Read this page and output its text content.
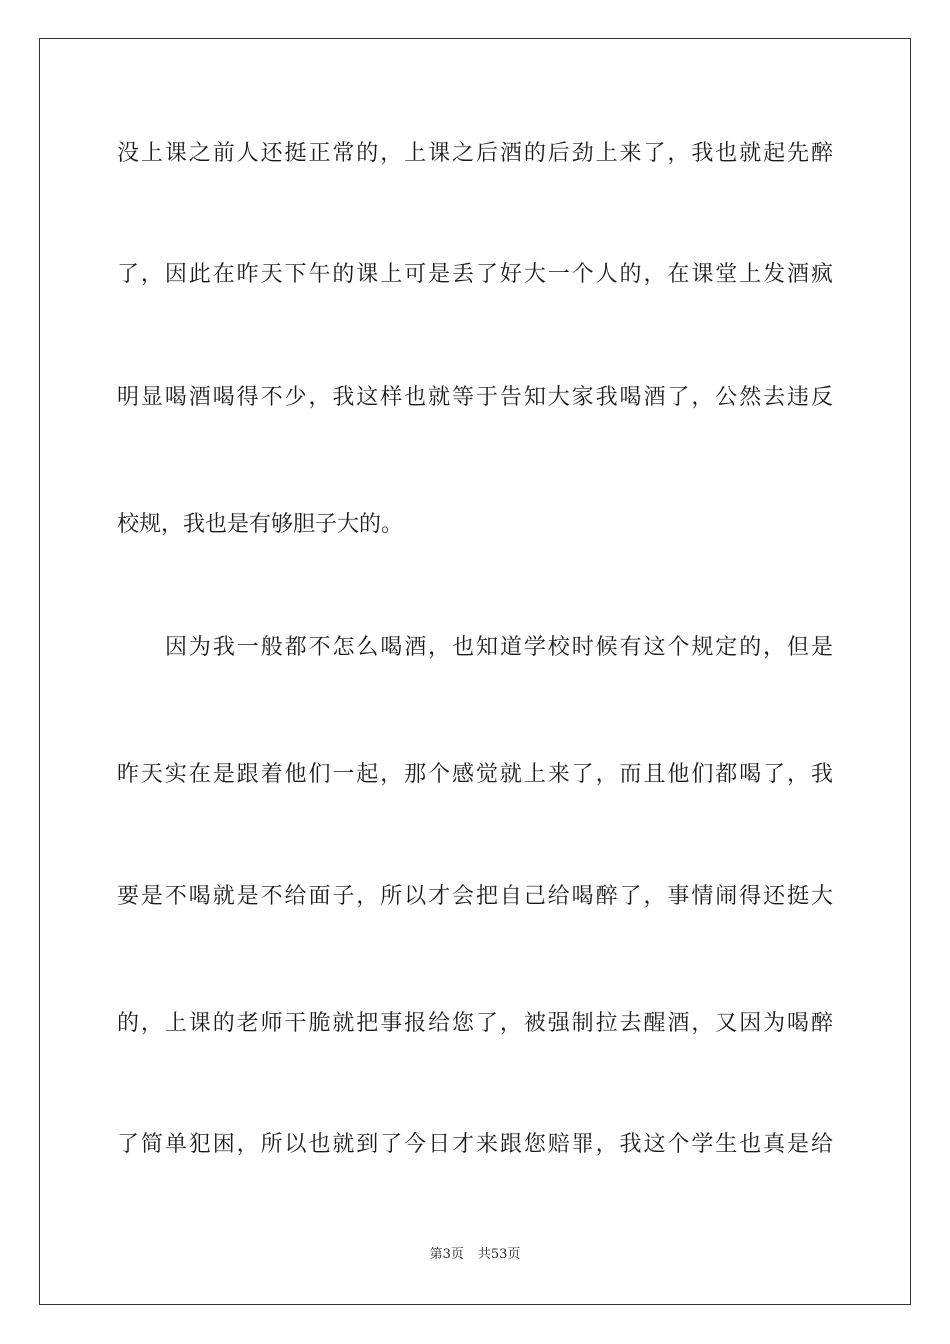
没上课之前人还挺正常的，上课之后酒的后劲上来了，我也就起先醉
了，因此在昨天下午的课上可是丢了好大一个人的，在课堂上发酒疯
明显喝酒喝得不少，我这样也就等于告知大家我喝酒了，公然去违反
校规，我也是有够胆子大的。
因为我一般都不怎么喝酒，也知道学校时候有这个规定的，但是
昨天实在是跟着他们一起，那个感觉就上来了，而且他们都喝了，我
要是不喝就是不给面子，所以才会把自己给喝醉了，事情闹得还挺大
的，上课的老师干脆就把事报给您了，被强制拉去醒酒，又因为喝醉
了简单犯困，所以也就到了今日才来跟您赔罪，我这个学生也真是给
第3页 共53页
